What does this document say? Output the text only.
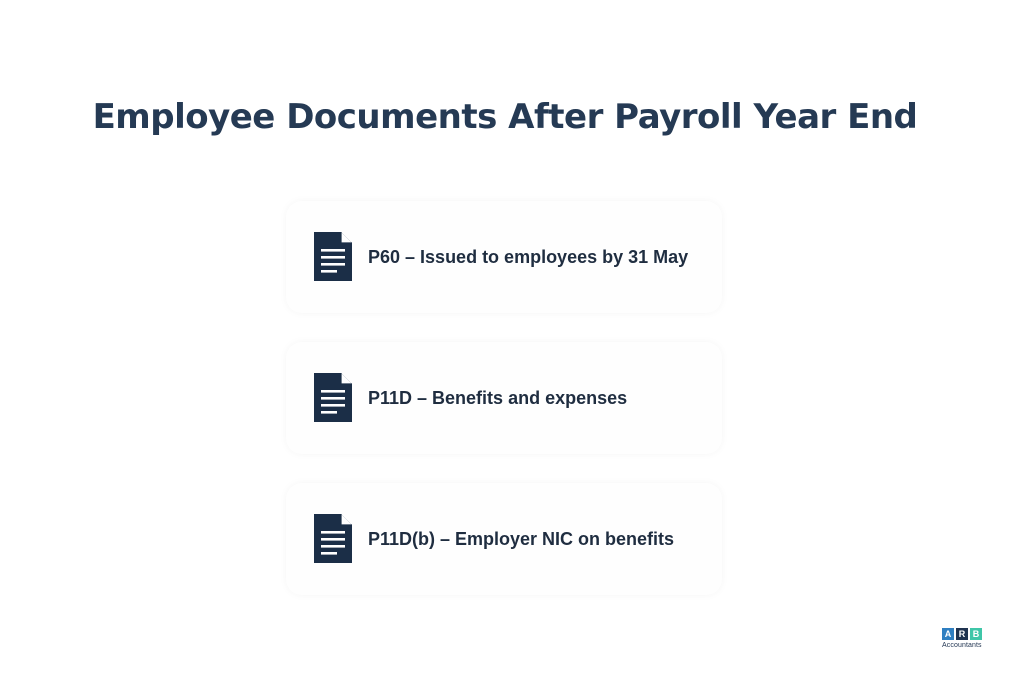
Employee Documents After Payroll Year End
P60 – Issued to employees by 31 May
P11D – Benefits and expenses
P11D(b) – Employer NIC on benefits
A R B
Accountants
